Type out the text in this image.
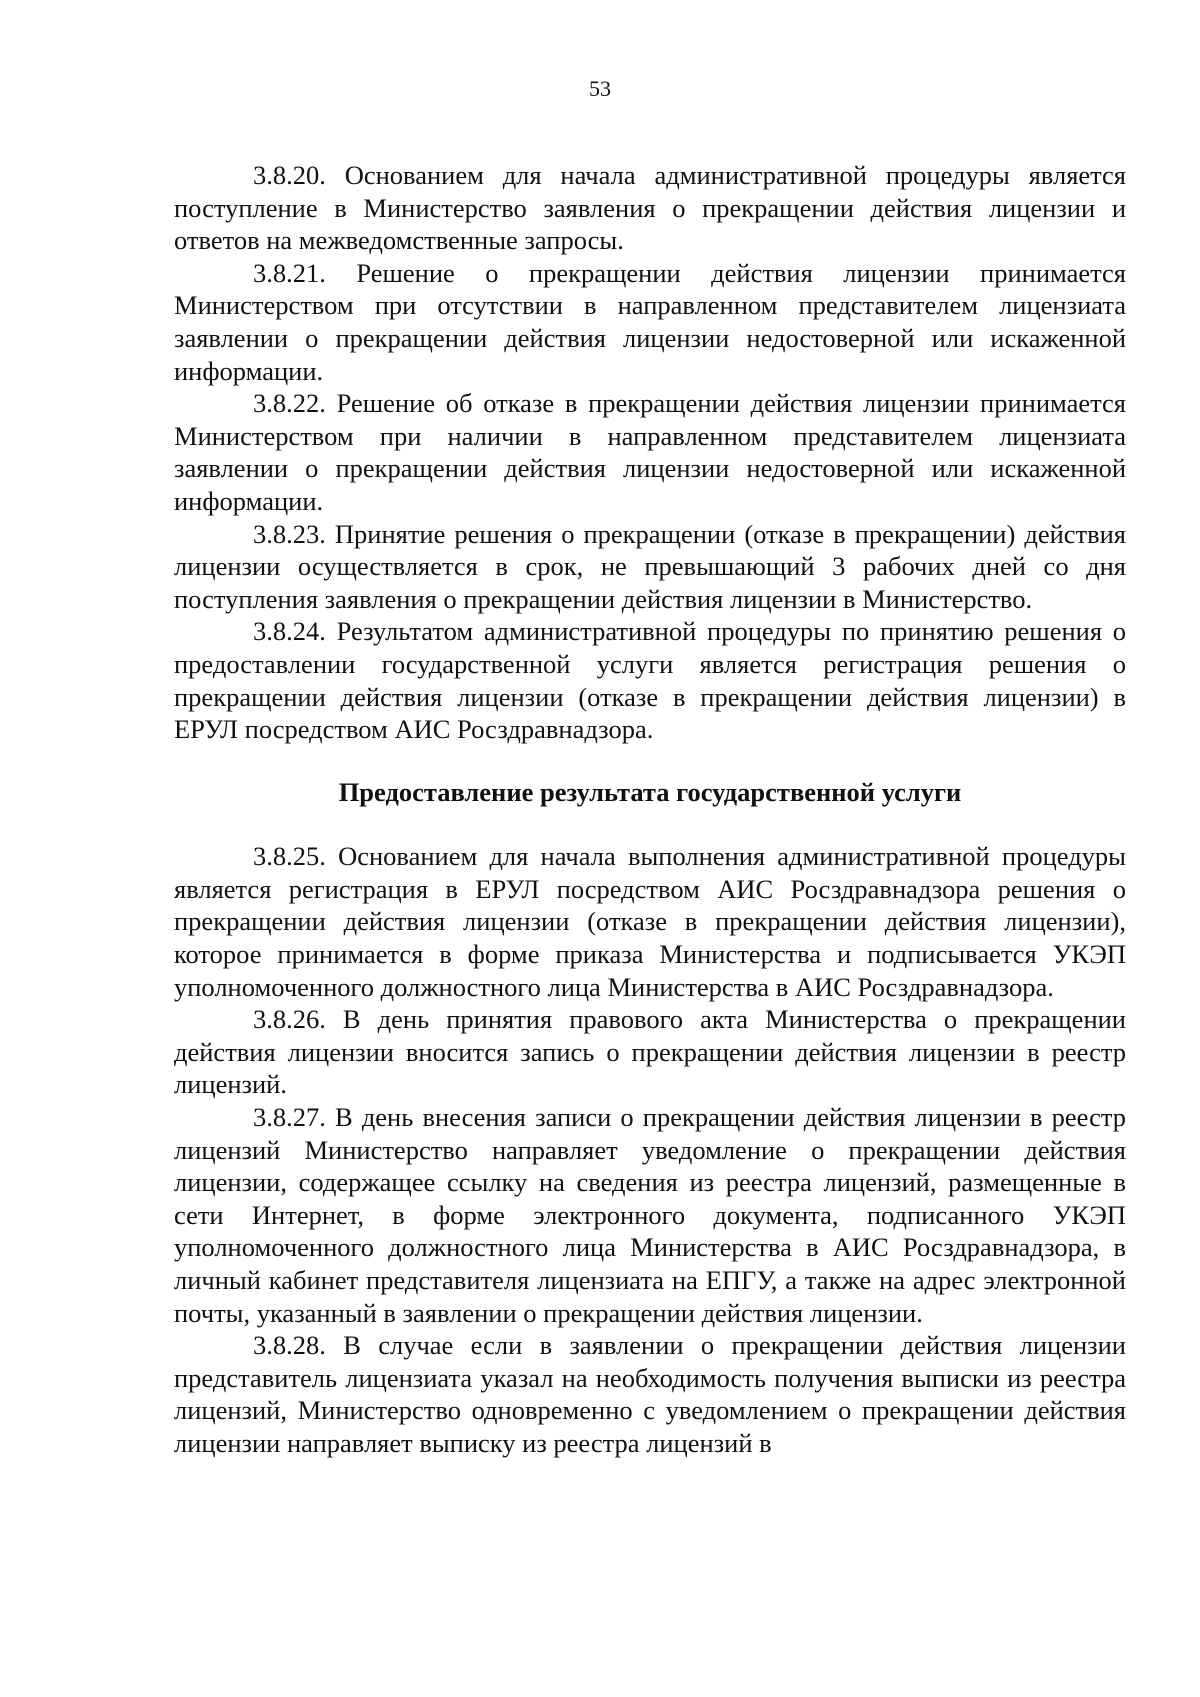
53

3.8.20. Основанием для начала административной процедуры является поступление в Министерство заявления о прекращении действия лицензии и ответов на межведомственные запросы.

3.8.21. Решение о прекращении действия лицензии принимается Министерством при отсутствии в направленном представителем лицензиата заявлении о прекращении действия лицензии недостоверной или искаженной информации.

3.8.22. Решение об отказе в прекращении действия лицензии принимается Министерством при наличии в направленном представителем лицензиата заявлении о прекращении действия лицензии недостоверной или искаженной информации.

3.8.23. Принятие решения о прекращении (отказе в прекращении) действия лицензии осуществляется в срок, не превышающий 3 рабочих дней со дня поступления заявления о прекращении действия лицензии в Министерство.

3.8.24. Результатом административной процедуры по принятию решения о предоставлении государственной услуги является регистрация решения о прекращении действия лицензии (отказе в прекращении действия лицензии) в ЕРУЛ посредством АИС Росздравнадзора.

Предоставление результата государственной услуги

3.8.25. Основанием для начала выполнения административной процедуры является регистрация в ЕРУЛ посредством АИС Росздравнадзора решения о прекращении действия лицензии (отказе в прекращении действия лицензии), которое принимается в форме приказа Министерства и подписывается УКЭП уполномоченного должностного лица Министерства в АИС Росздравнадзора.

3.8.26. В день принятия правового акта Министерства о прекращении действия лицензии вносится запись о прекращении действия лицензии в реестр лицензий.

3.8.27. В день внесения записи о прекращении действия лицензии в реестр лицензий Министерство направляет уведомление о прекращении действия лицензии, содержащее ссылку на сведения из реестра лицензий, размещенные в сети Интернет, в форме электронного документа, подписанного УКЭП уполномоченного должностного лица Министерства в АИС Росздравнадзора, в личный кабинет представителя лицензиата на ЕПГУ, а также на адрес электронной почты, указанный в заявлении о прекращении действия лицензии.

3.8.28. В случае если в заявлении о прекращении действия лицензии представитель лицензиата указал на необходимость получения выписки из реестра лицензий, Министерство одновременно с уведомлением о прекращении действия лицензии направляет выписку из реестра лицензий в
